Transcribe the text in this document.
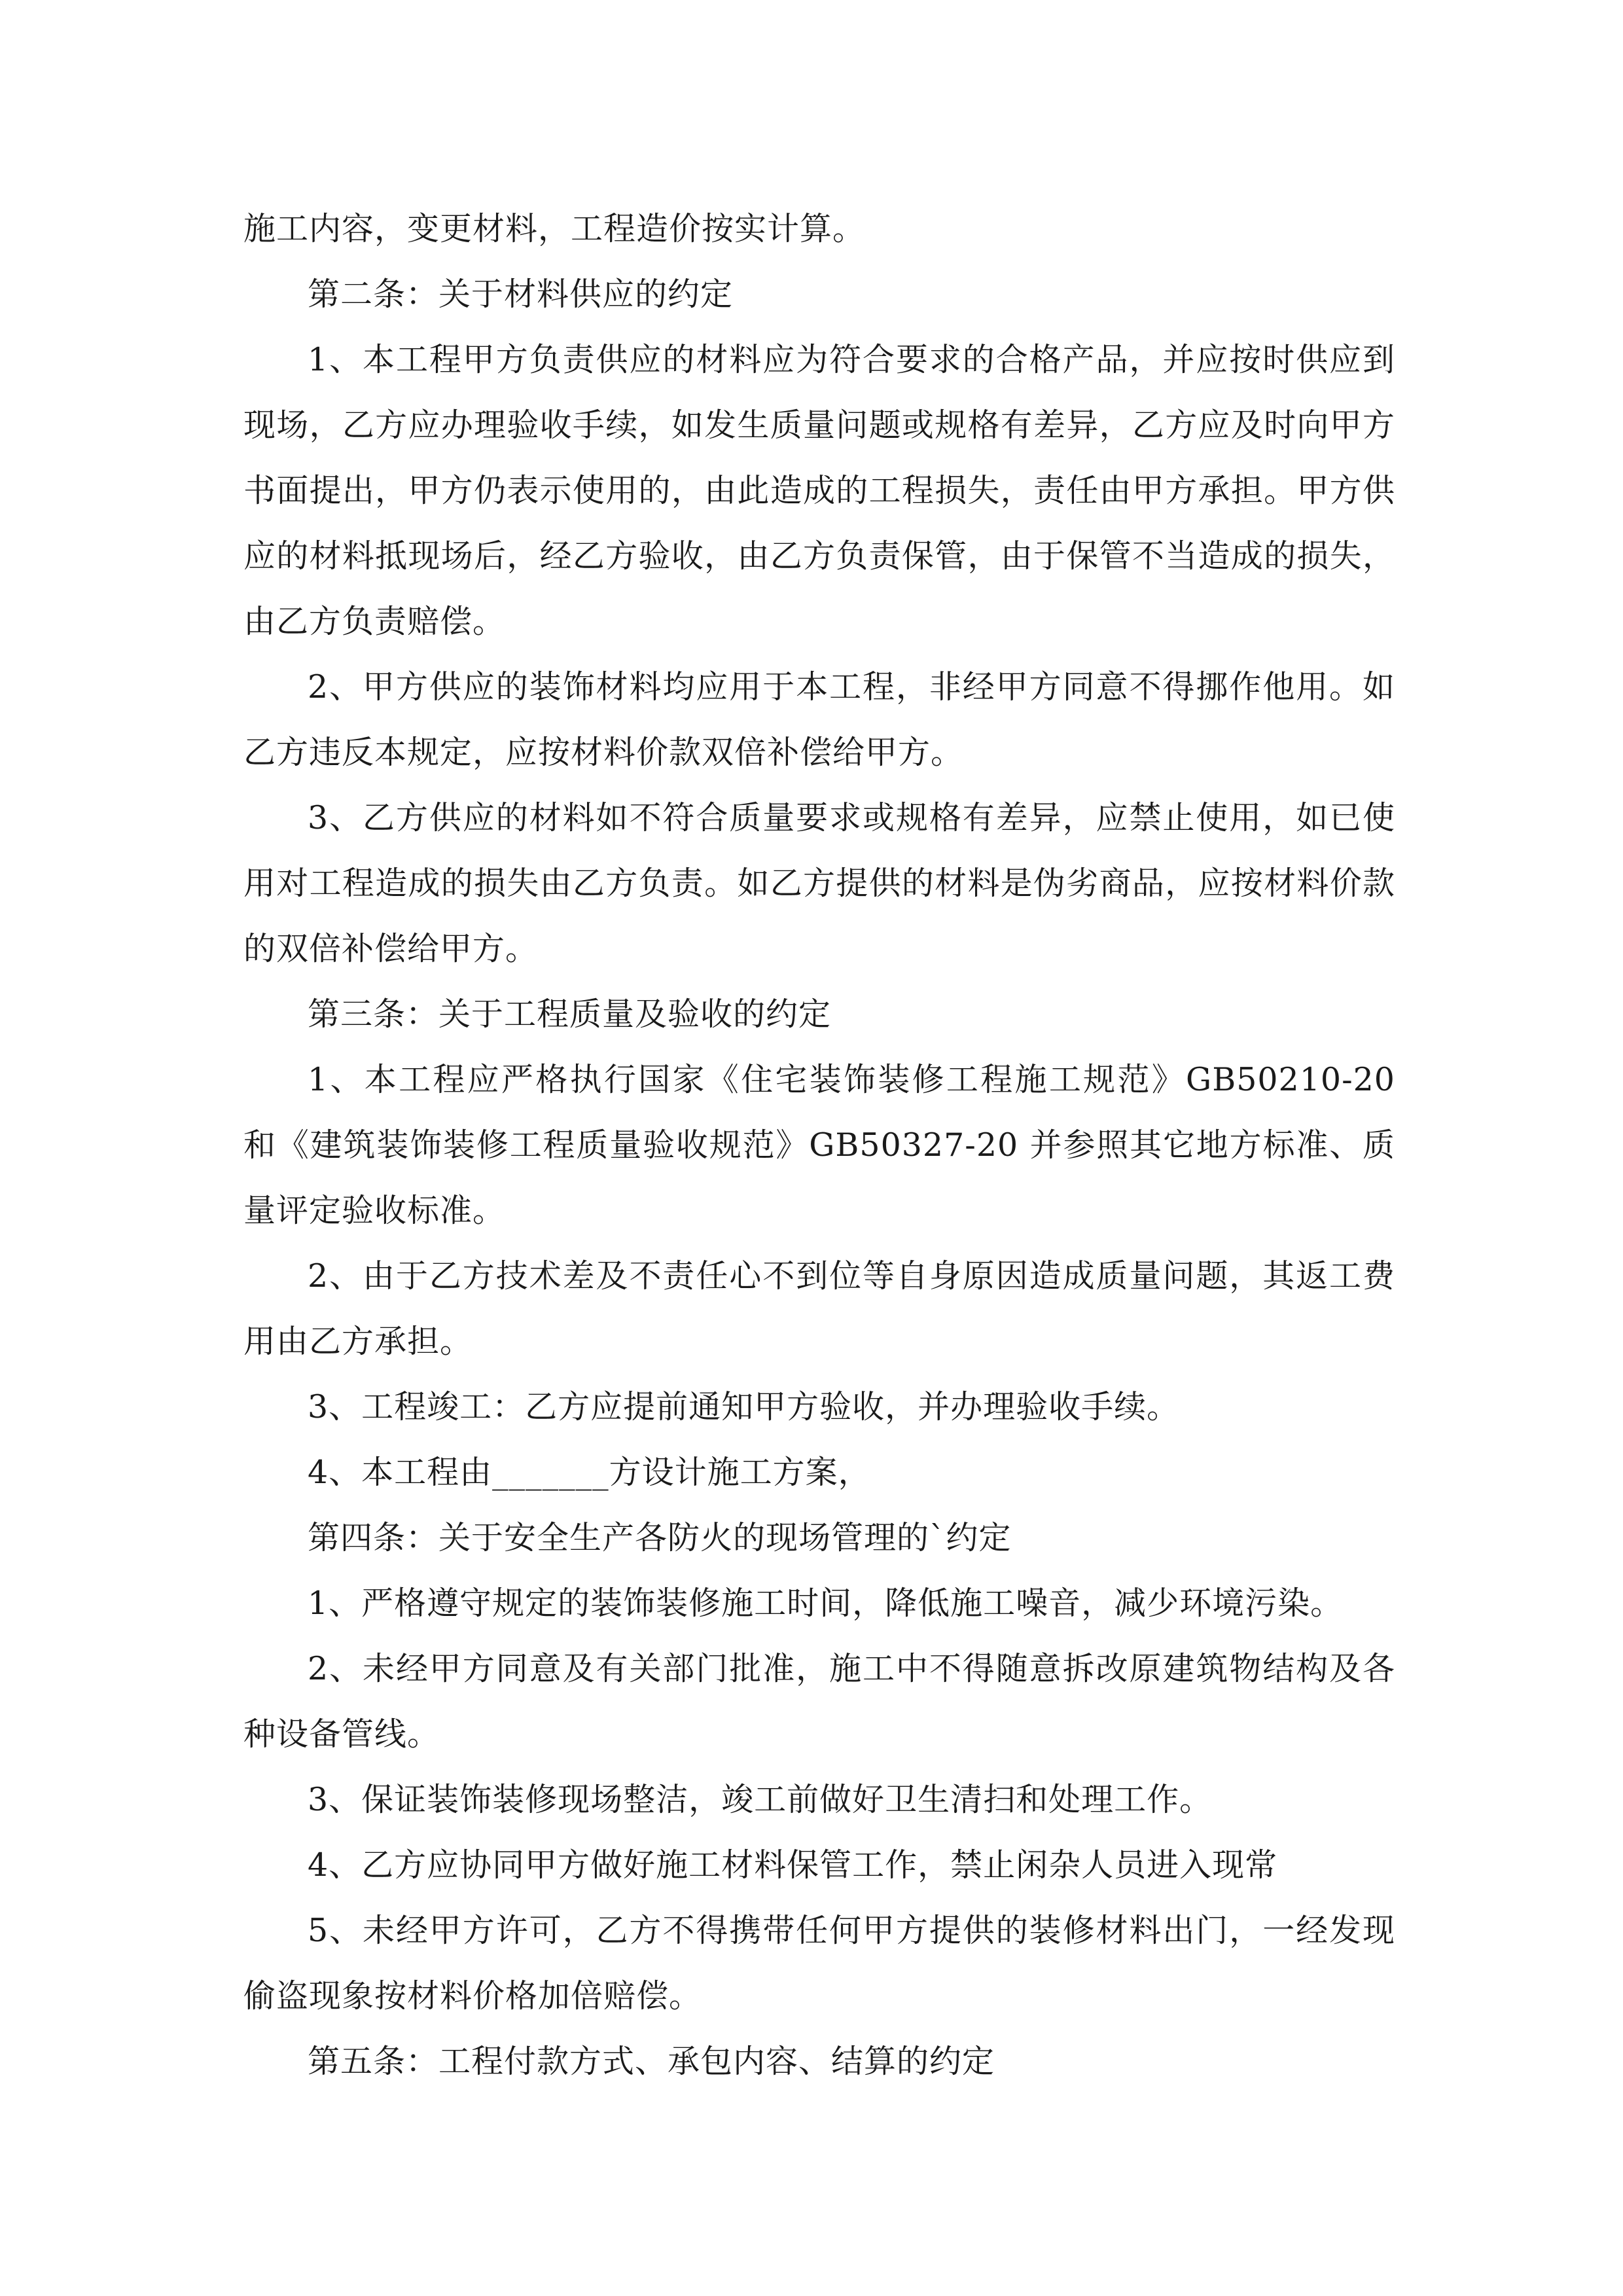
施工内容，变更材料，工程造价按实计算。

第二条：关于材料供应的约定

1、本工程甲方负责供应的材料应为符合要求的合格产品，并应按时供应到现场，乙方应办理验收手续，如发生质量问题或规格有差异，乙方应及时向甲方书面提出，甲方仍表示使用的，由此造成的工程损失，责任由甲方承担。甲方供应的材料抵现场后，经乙方验收，由乙方负责保管，由于保管不当造成的损失，由乙方负责赔偿。

2、甲方供应的装饰材料均应用于本工程，非经甲方同意不得挪作他用。如乙方违反本规定，应按材料价款双倍补偿给甲方。

3、乙方供应的材料如不符合质量要求或规格有差异，应禁止使用，如已使用对工程造成的损失由乙方负责。如乙方提供的材料是伪劣商品，应按材料价款的双倍补偿给甲方。

第三条：关于工程质量及验收的约定

1、本工程应严格执行国家《住宅装饰装修工程施工规范》GB50210-20 和《建筑装饰装修工程质量验收规范》GB50327-20 并参照其它地方标准、质量评定验收标准。

2、由于乙方技术差及不责任心不到位等自身原因造成质量问题，其返工费用由乙方承担。

3、工程竣工：乙方应提前通知甲方验收，并办理验收手续。

4、本工程由_______方设计施工方案，

第四条：关于安全生产各防火的现场管理的`约定

1、严格遵守规定的装饰装修施工时间，降低施工噪音，减少环境污染。

2、未经甲方同意及有关部门批准，施工中不得随意拆改原建筑物结构及各种设备管线。

3、保证装饰装修现场整洁，竣工前做好卫生清扫和处理工作。

4、乙方应协同甲方做好施工材料保管工作，禁止闲杂人员进入现常

5、未经甲方许可，乙方不得携带任何甲方提供的装修材料出门，一经发现偷盗现象按材料价格加倍赔偿。

第五条：工程付款方式、承包内容、结算的约定
